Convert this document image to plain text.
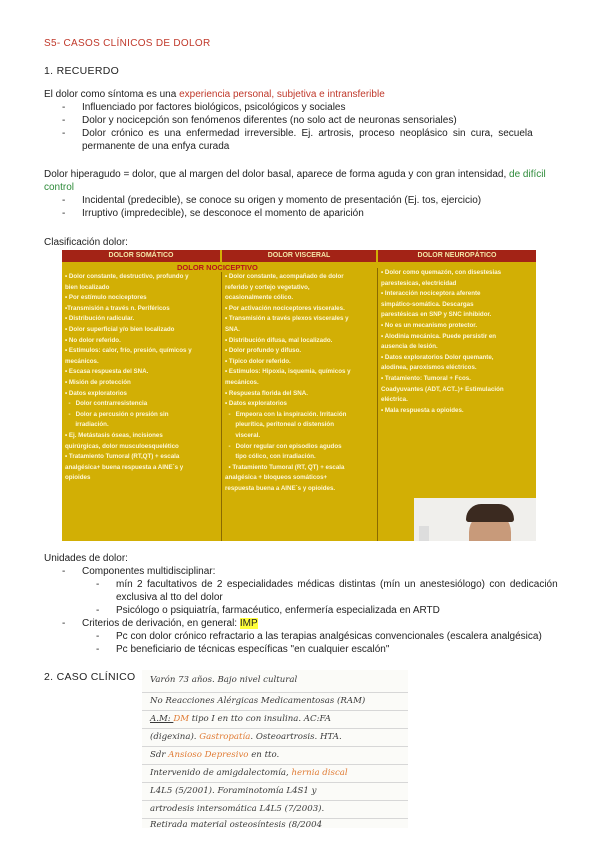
S5- CASOS CLÍNICOS DE DOLOR
1. RECUERDO
El dolor como síntoma es una experiencia personal, subjetiva e intransferible
- Influenciado por factores biológicos, psicológicos y sociales
- Dolor y nocicepción son fenómenos diferentes (no solo act de neuronas sensoriales)
- Dolor crónico es una enfermedad irreversible. Ej. artrosis, proceso neoplásico sin cura, secuela
permanente de una enfya curada
Dolor hiperagudo = dolor, que al margen del dolor basal, aparece de forma aguda y con gran intensidad, de difícil
control
- Incidental (predecible), se conoce su origen y momento de presentación (Ej. tos, ejercicio)
- Irruptivo (impredecible), se desconoce el momento de aparición
Clasificación dolor:
DOLOR SOMÁTICO	DOLOR VISCERAL	DOLOR NEUROPÁTICO
DOLOR NOCICEPTIVO
• Dolor constante, destructivo, profundo y
bien localizado
• Por estímulo nociceptores
•Transmisión a través n. Periféricos
• Distribución radicular.
• Dolor superficial y/o bien localizado
• No dolor referido.
• Estímulos: calor, frío, presión, químicos y
mecánicos.
• Escasa respuesta del SNA.
• Misión de protección
• Datos exploratorios
-   Dolor contrarresistencia
-   Dolor a percusión o presión sin
irradiación.
• Ej. Metástasis óseas, incisiones
quirúrgicas, dolor musculoesquelético
• Tratamiento Tumoral (RT,QT) + escala
analgésica+ buena respuesta a AINE´s y
opioides
• Dolor constante, acompañado de dolor
referido y cortejo vegetativo,
ocasionalmente cólico.
• Por activación nociceptores viscerales.
• Transmisión a través plexos viscerales y
SNA.
• Distribución difusa, mal localizado.
• Dolor profundo y difuso.
• Típico dolor referido.
• Estímulos: Hipoxia, isquemia, químicos y
mecánicos.
• Respuesta florida del SNA.
• Datos exploratorios
-   Empeora con la inspiración. Irritación
pleurítica, peritoneal o distensión
visceral.
-   Dolor regular con episodios agudos
tipo cólico, con irradiación.
• Tratamiento Tumoral (RT, QT) + escala
analgésica + bloqueos somáticos+
respuesta buena a AINE´s y opioides.
• Dolor como quemazón, con disestesias
parestesicas, electricidad
• Interacción nociceptora aferente
simpático-somática. Descargas
parestésicas en SNP y SNC inhibidor.
• No es un mecanismo protector.
• Alodinia mecánica. Puede persistir en
ausencia de lesión.
• Datos exploratorios Dolor quemante,
alodinea, paroxismos eléctricos.
• Tratamiento: Tumoral + Fcos.
Coadyuvantes (ADT, ACT..)+ Estimulación
eléctrica.
• Mala respuesta a opioides.
Unidades de dolor:
- Componentes multidisciplinar:
- mín 2 facultativos de 2 especialidades médicas distintas (mín un anestesiólogo) con dedicación
exclusiva al tto del dolor
- Psicólogo o psiquiatría, farmacéutico, enfermería especializada en ARTD
- Criterios de derivación, en general: IMP
- Pc con dolor crónico refractario a las terapias analgésicas convencionales (escalera analgésica)
- Pc beneficiario de técnicas específicas "en cualquier escalón"
2. CASO CLÍNICO Varón 73 años. Bajo nivel cultural
No Reacciones Alérgicas Medicamentosas (RAM)
A.M: DM tipo I en tto con insulina. AC:FA
(digexina). Gastropatía. Osteoartrosis. HTA.
Sdr Ansioso Depresivo en tto.
Intervenido de amigdalectomía, hernia discal
L4L5 (5/2001). Foraminotomía L4S1 y
artrodesis intersomática L4L5 (7/2003).
Retirada material osteosíntesis (8/2004
